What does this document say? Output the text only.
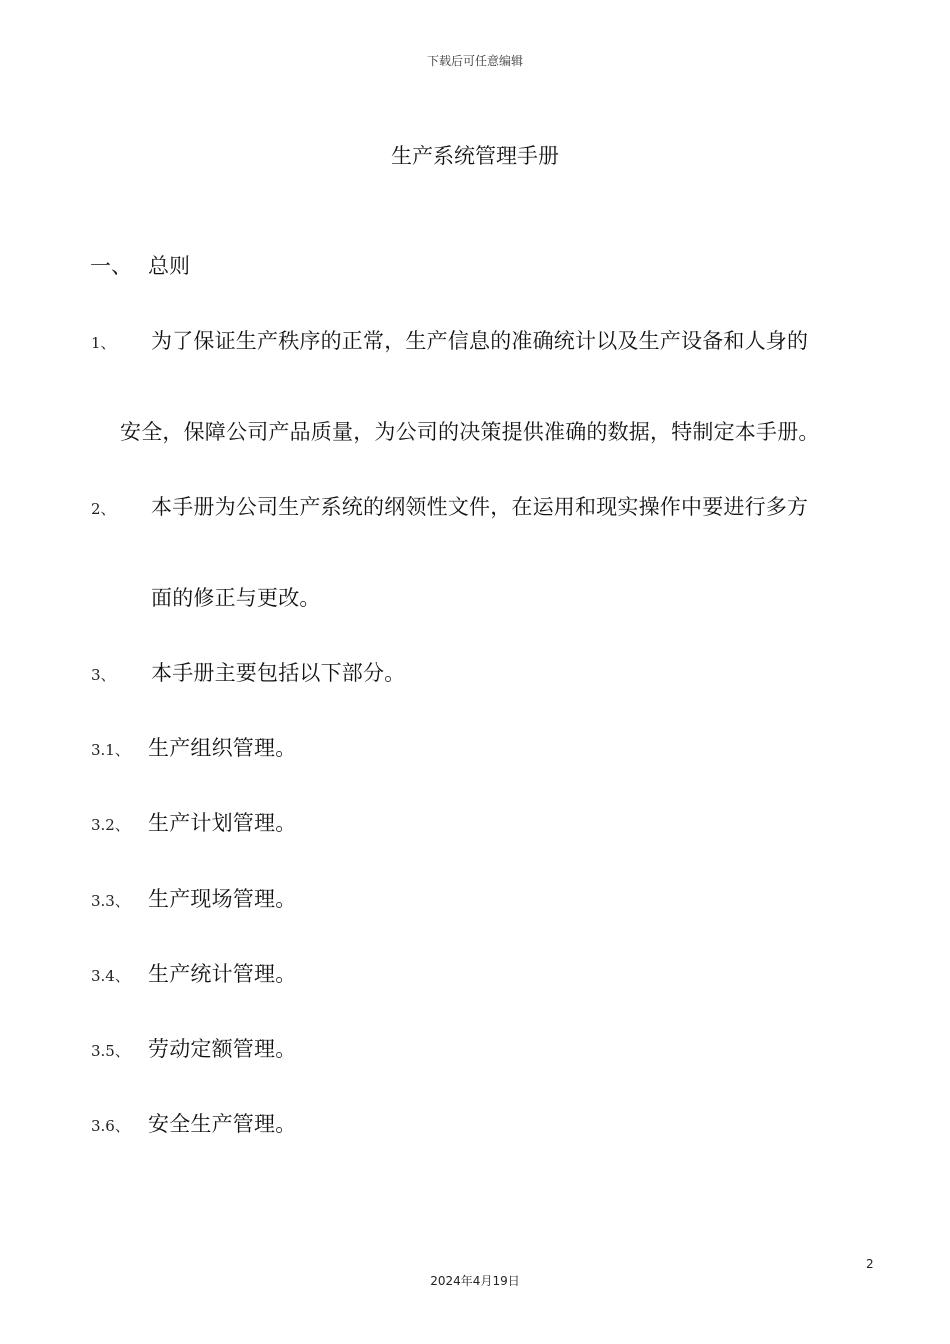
下载后可任意编辑
生产系统管理手册
一、 总则
1、 为了保证生产秩序的正常，生产信息的准确统计以及生产设备和人身的
安全，保障公司产品质量，为公司的决策提供准确的数据，特制定本手册。
2、 本手册为公司生产系统的纲领性文件，在运用和现实操作中要进行多方
面的修正与更改。
3、 本手册主要包括以下部分。
3.1、 生产组织管理。
3.2、 生产计划管理。
3.3、 生产现场管理。
3.4、 生产统计管理。
3.5、 劳动定额管理。
3.6、 安全生产管理。
2
2024年4月19日
